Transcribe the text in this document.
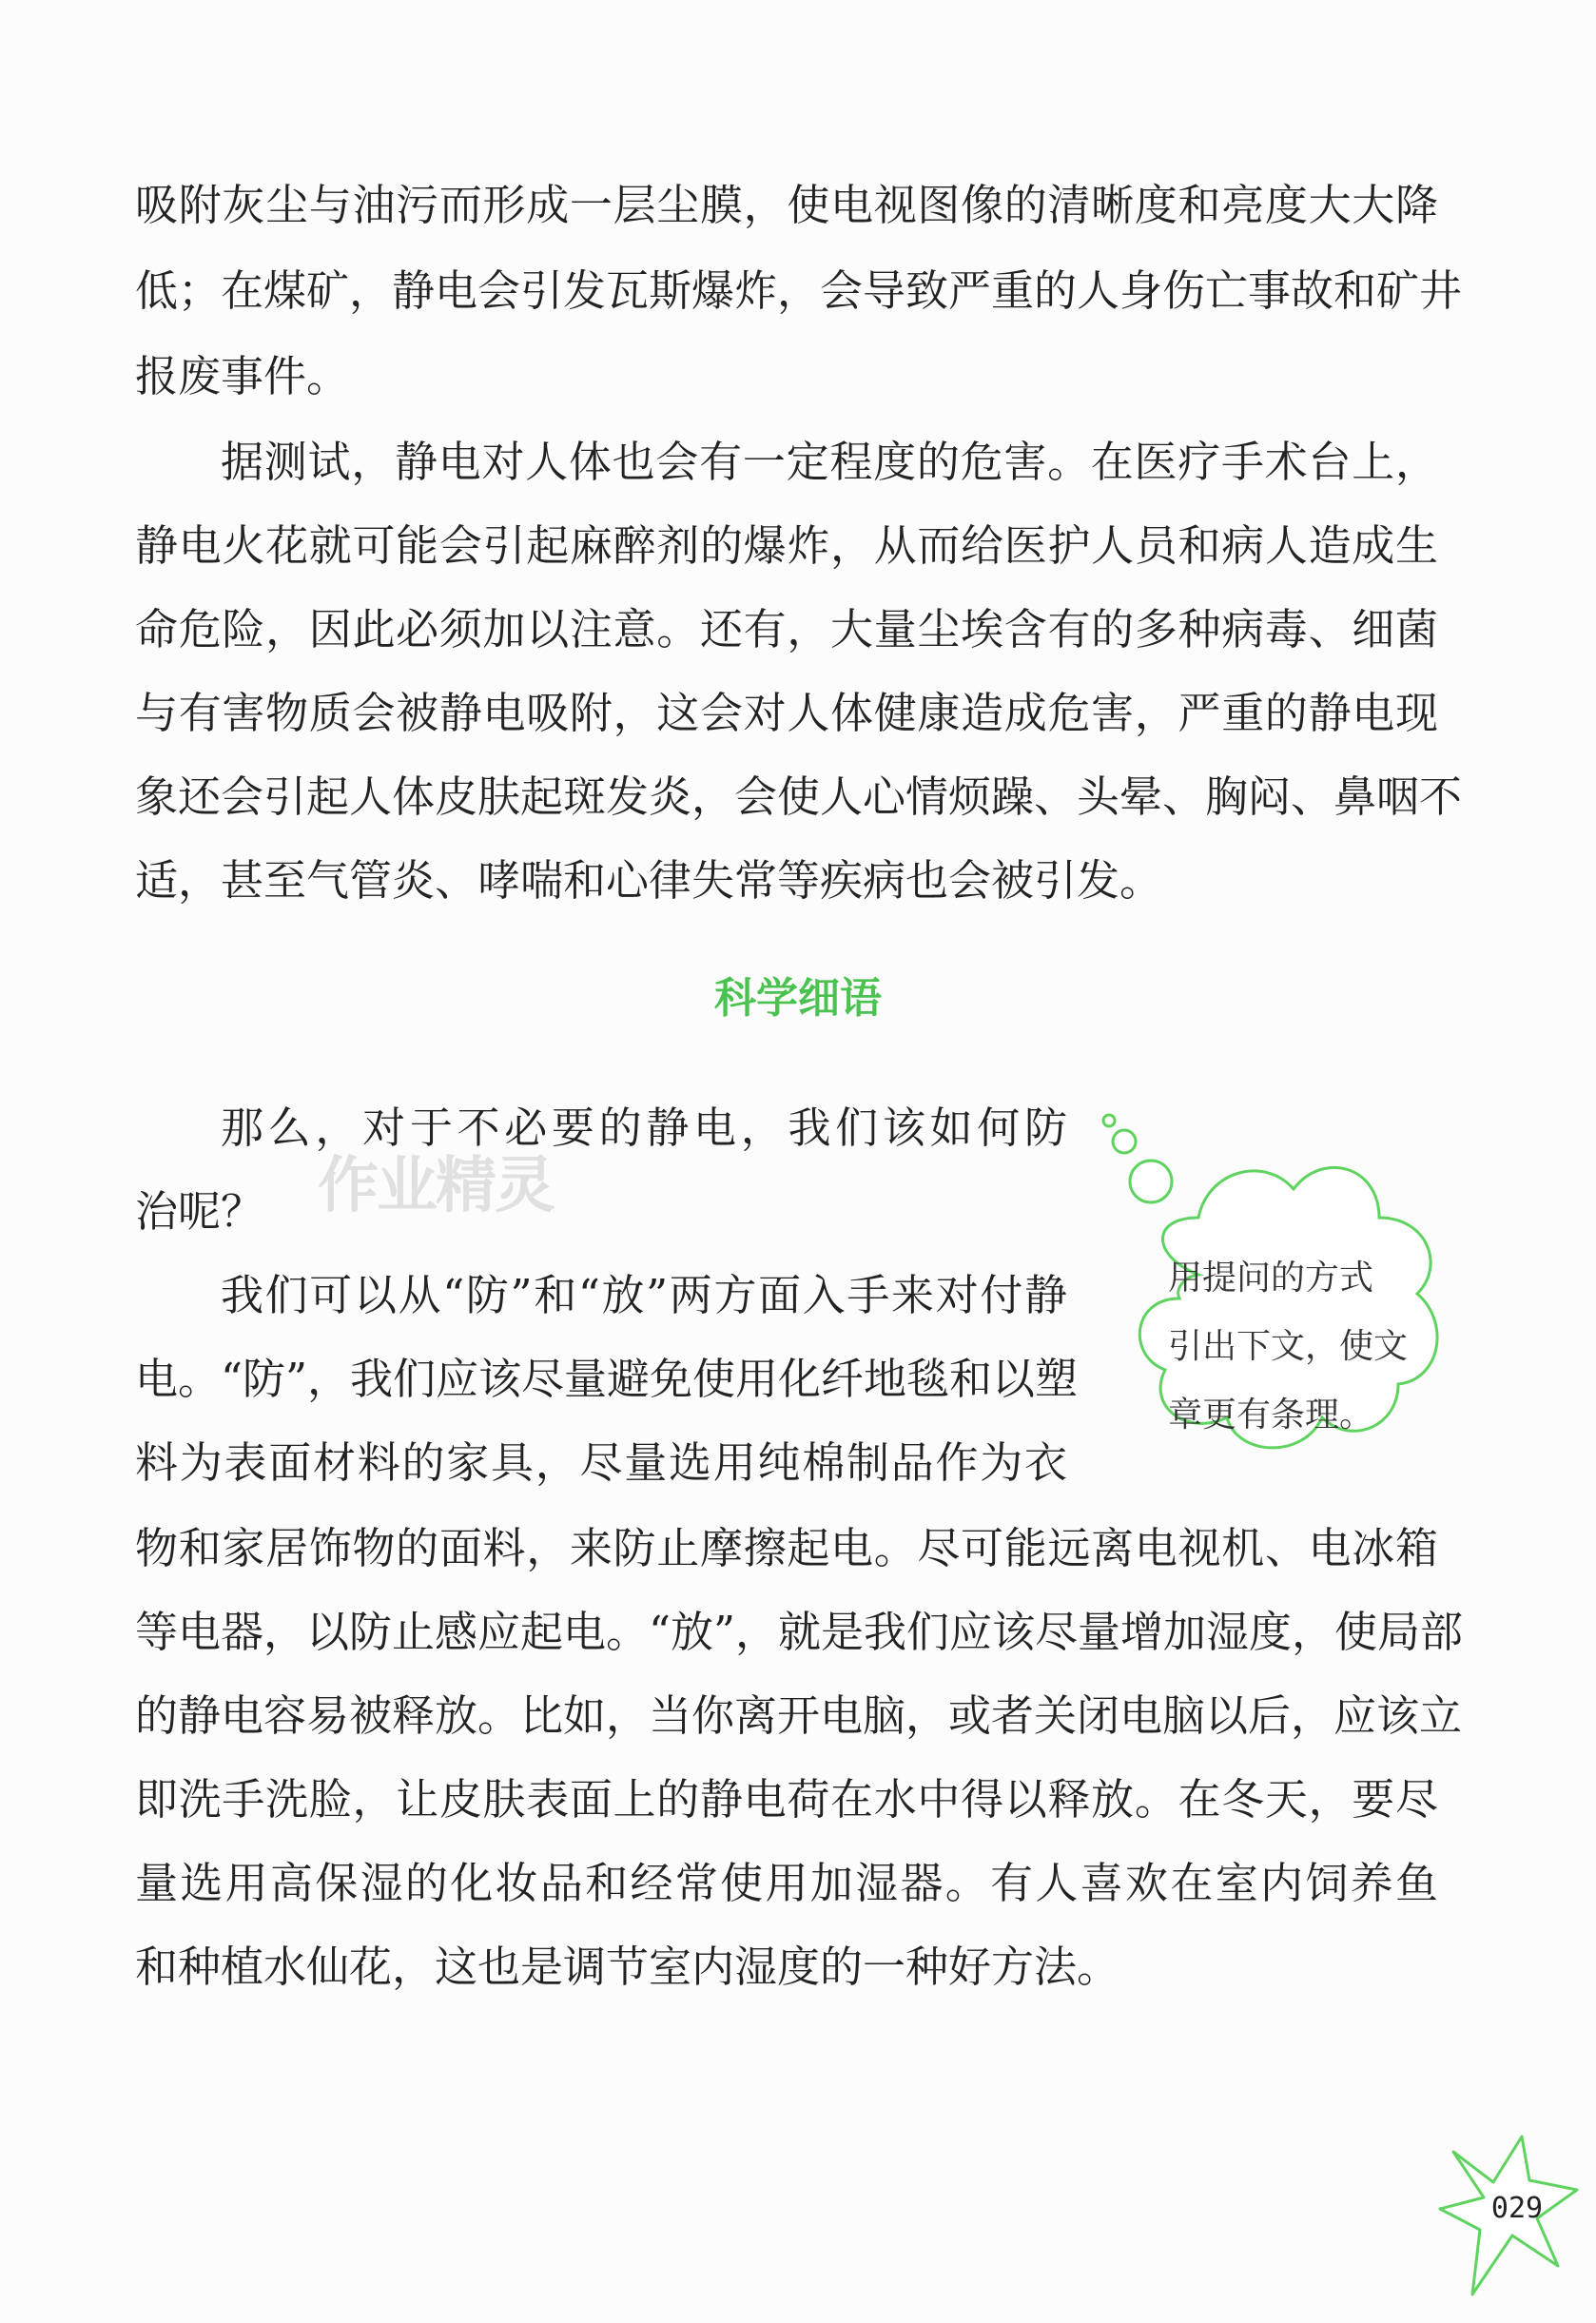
吸附灰尘与油污而形成一层尘膜，使电视图像的清晰度和亮度大大降
低；在煤矿，静电会引发瓦斯爆炸，会导致严重的人身伤亡事故和矿井
报废事件。
据测试，静电对人体也会有一定程度的危害。在医疗手术台上，
静电火花就可能会引起麻醉剂的爆炸，从而给医护人员和病人造成生
命危险，因此必须加以注意。还有，大量尘埃含有的多种病毒、细菌
与有害物质会被静电吸附，这会对人体健康造成危害，严重的静电现
象还会引起人体皮肤起斑发炎，会使人心情烦躁、头晕、胸闷、鼻咽不
适，甚至气管炎、哮喘和心律失常等疾病也会被引发。
科学细语
那么，对于不必要的静电，我们该如何防
治呢？ 作业精灵
我们可以从“防”和“放”两方面入手来对付静
电。“防”，我们应该尽量避免使用化纤地毯和以塑
料为表面材料的家具，尽量选用纯棉制品作为衣
物和家居饰物的面料，来防止摩擦起电。尽可能远离电视机、电冰箱
等电器，以防止感应起电。“放”，就是我们应该尽量增加湿度，使局部
的静电容易被释放。比如，当你离开电脑，或者关闭电脑以后，应该立
即洗手洗脸，让皮肤表面上的静电荷在水中得以释放。在冬天，要尽
量选用高保湿的化妆品和经常使用加湿器。有人喜欢在室内饲养鱼
和种植水仙花，这也是调节室内湿度的一种好方法。
用提问的方式
引出下文，使文
章更有条理。
029
